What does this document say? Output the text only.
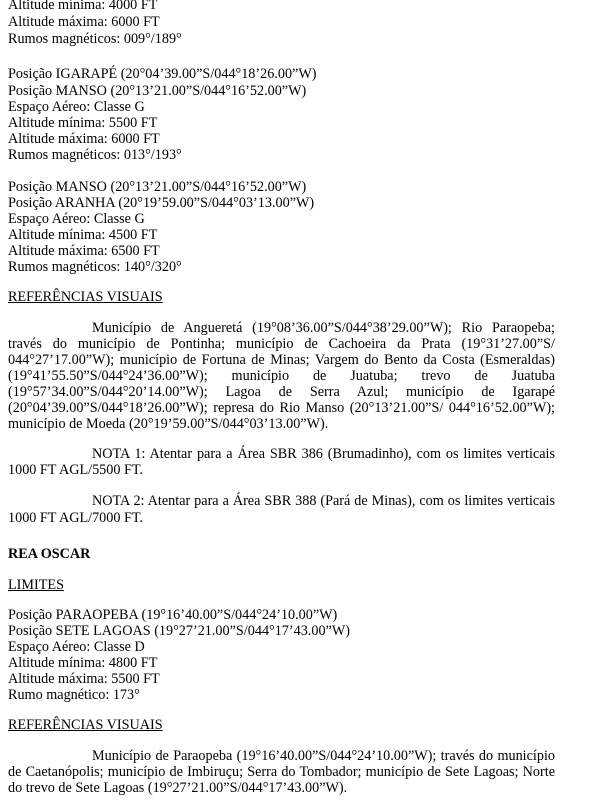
Altitude mínima: 4000 FT
Altitude máxima: 6000 FT
Rumos magnéticos: 009°/189°
Posição IGARAPÉ (20°04’39.00”S/044°18’26.00”W)
Posição MANSO (20°13’21.00”S/044°16’52.00”W)
Espaço Aéreo: Classe G
Altitude mínima: 5500 FT
Altitude máxima: 6000 FT
Rumos magnéticos: 013°/193°
Posição MANSO (20°13’21.00”S/044°16’52.00”W)
Posição ARANHA (20°19’59.00”S/044°03’13.00”W)
Espaço Aéreo: Classe G
Altitude mínima: 4500 FT
Altitude máxima: 6500 FT
Rumos magnéticos: 140°/320°
REFERÊNCIAS VISUAIS
Município de Angueretá (19°08’36.00”S/044°38’29.00”W); Rio Paraopeba;
través do município de Pontinha; município de Cachoeira da Prata (19°31’27.00”S/
044°27’17.00”W); município de Fortuna de Minas; Vargem do Bento da Costa (Esmeraldas)
(19°41’55.50”S/044°24’36.00”W); município de Juatuba; trevo de Juatuba
(19°57’34.00”S/044°20’14.00”W); Lagoa de Serra Azul; município de Igarapé
(20°04’39.00”S/044°18’26.00”W); represa do Rio Manso (20°13’21.00”S/ 044°16’52.00”W);
município de Moeda (20°19’59.00”S/044°03’13.00”W).
NOTA 1: Atentar para a Área SBR 386 (Brumadinho), com os limites verticais
1000 FT AGL/5500 FT.
NOTA 2: Atentar para a Área SBR 388 (Pará de Minas), com os limites verticais
1000 FT AGL/7000 FT.
REA OSCAR
LIMITES
Posição PARAOPEBA (19°16’40.00”S/044°24’10.00”W)
Posição SETE LAGOAS (19°27’21.00”S/044°17’43.00”W)
Espaço Aéreo: Classe D
Altitude mínima: 4800 FT
Altitude máxima: 5500 FT
Rumo magnético: 173°
REFERÊNCIAS VISUAIS
Município de Paraopeba (19°16’40.00”S/044°24’10.00”W); través do município
de Caetanópolis; município de Imbiruçu; Serra do Tombador; município de Sete Lagoas; Norte
do trevo de Sete Lagoas (19°27’21.00”S/044°17’43.00”W).
